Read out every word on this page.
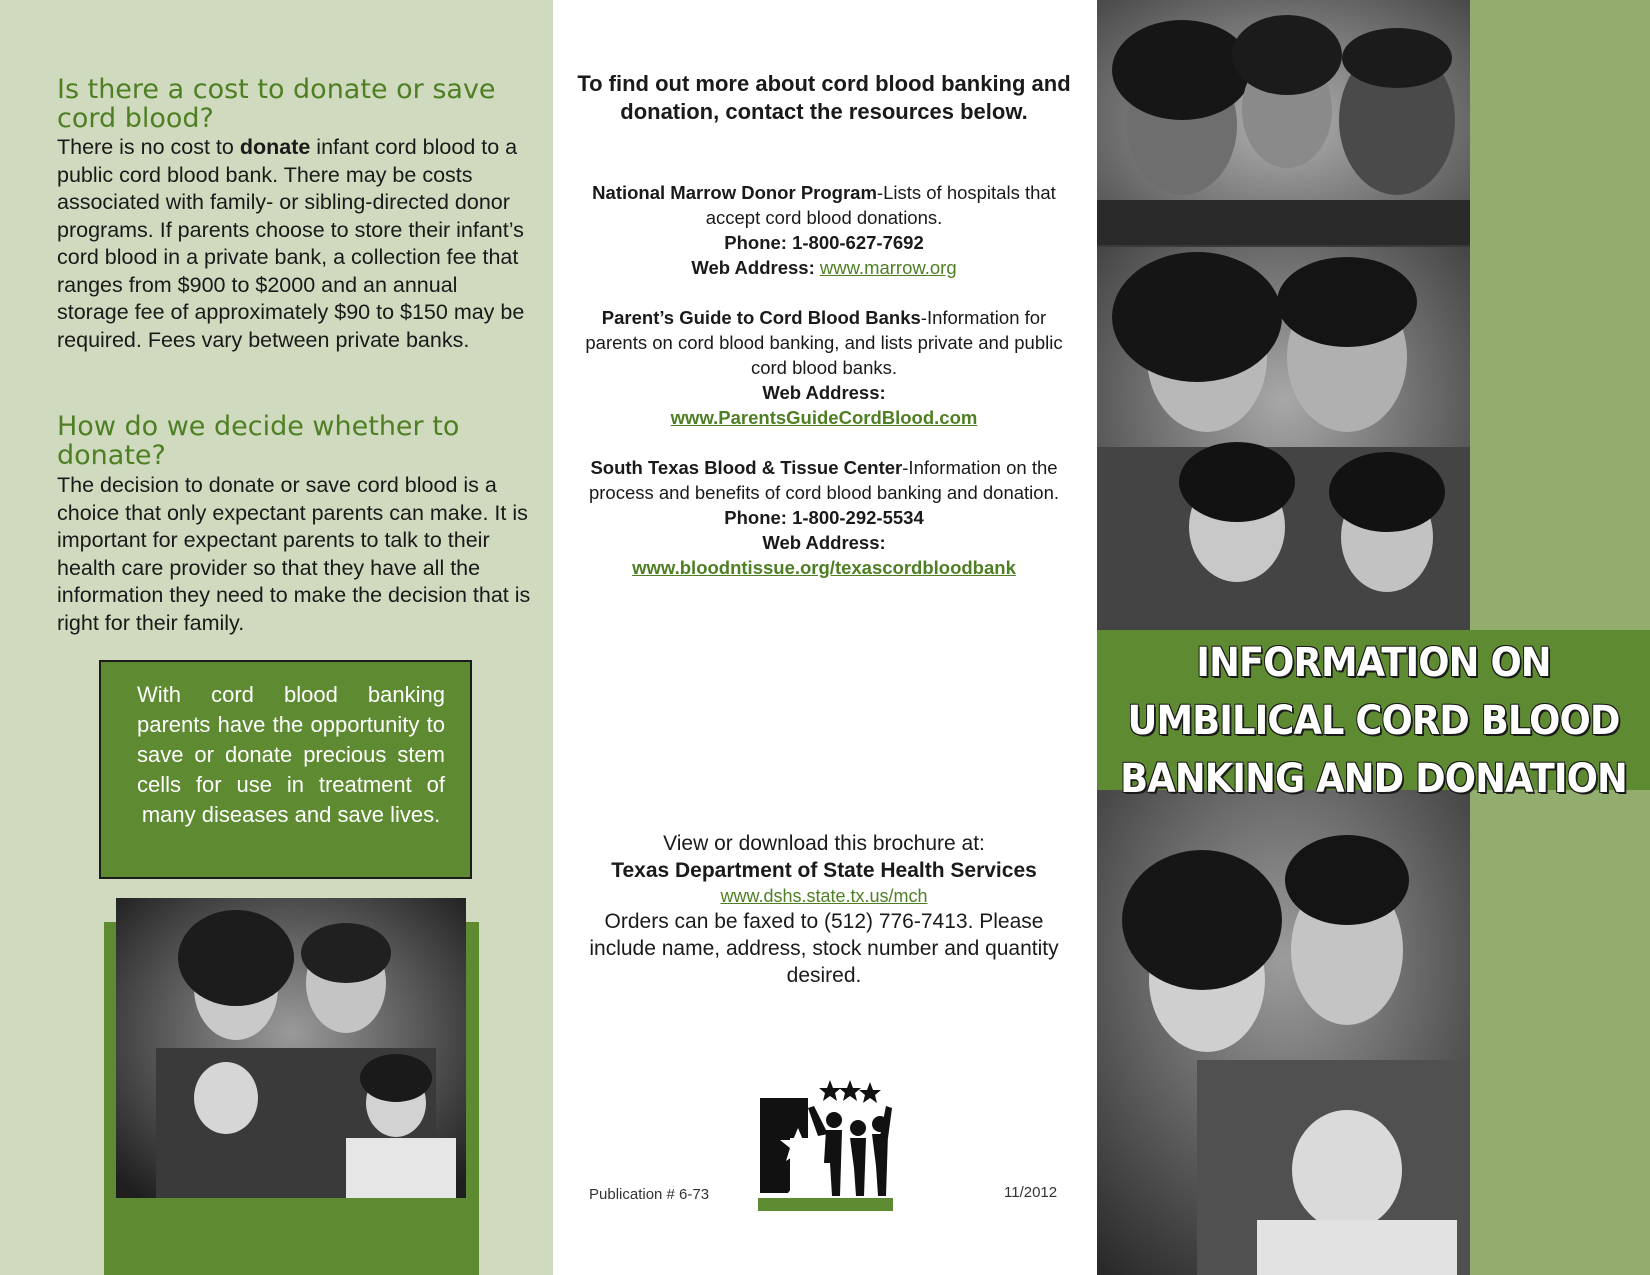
Is there a cost to donate or save cord blood?

There is no cost to donate infant cord blood to a public cord blood bank. There may be costs associated with family- or sibling-directed donor programs. If parents choose to store their infant’s cord blood in a private bank, a collection fee that ranges from $900 to $2000 and an annual storage fee of approximately $90 to $150 may be required. Fees vary between private banks.

How do we decide whether to donate?

The decision to donate or save cord blood is a choice that only expectant parents can make. It is important for expectant parents to talk to their health care provider so that they have all the information they need to make the decision that is right for their family.

With cord blood banking parents have the opportunity to save or donate precious stem cells for use in treatment of many diseases and save lives.

To find out more about cord blood banking and donation, contact the resources below.

National Marrow Donor Program-Lists of hospitals that accept cord blood donations.
Phone: 1-800-627-7692
Web Address: www.marrow.org
Parent’s Guide to Cord Blood Banks-Information for parents on cord blood banking, and lists private and public cord blood banks.
Web Address:
www.ParentsGuideCordBlood.com
South Texas Blood & Tissue Center-Information on the process and benefits of cord blood banking and donation.
Phone: 1-800-292-5534
Web Address:
www.bloodntissue.org/texascordbloodbank
View or download this brochure at:
Texas Department of State Health Services
www.dshs.state.tx.us/mch
Orders can be faxed to (512) 776-7413. Please include name, address, stock number and quantity desired.

Publication # 6-73	11/2012

INFORMATION ON
UMBILICAL CORD BLOOD
BANKING AND DONATION
